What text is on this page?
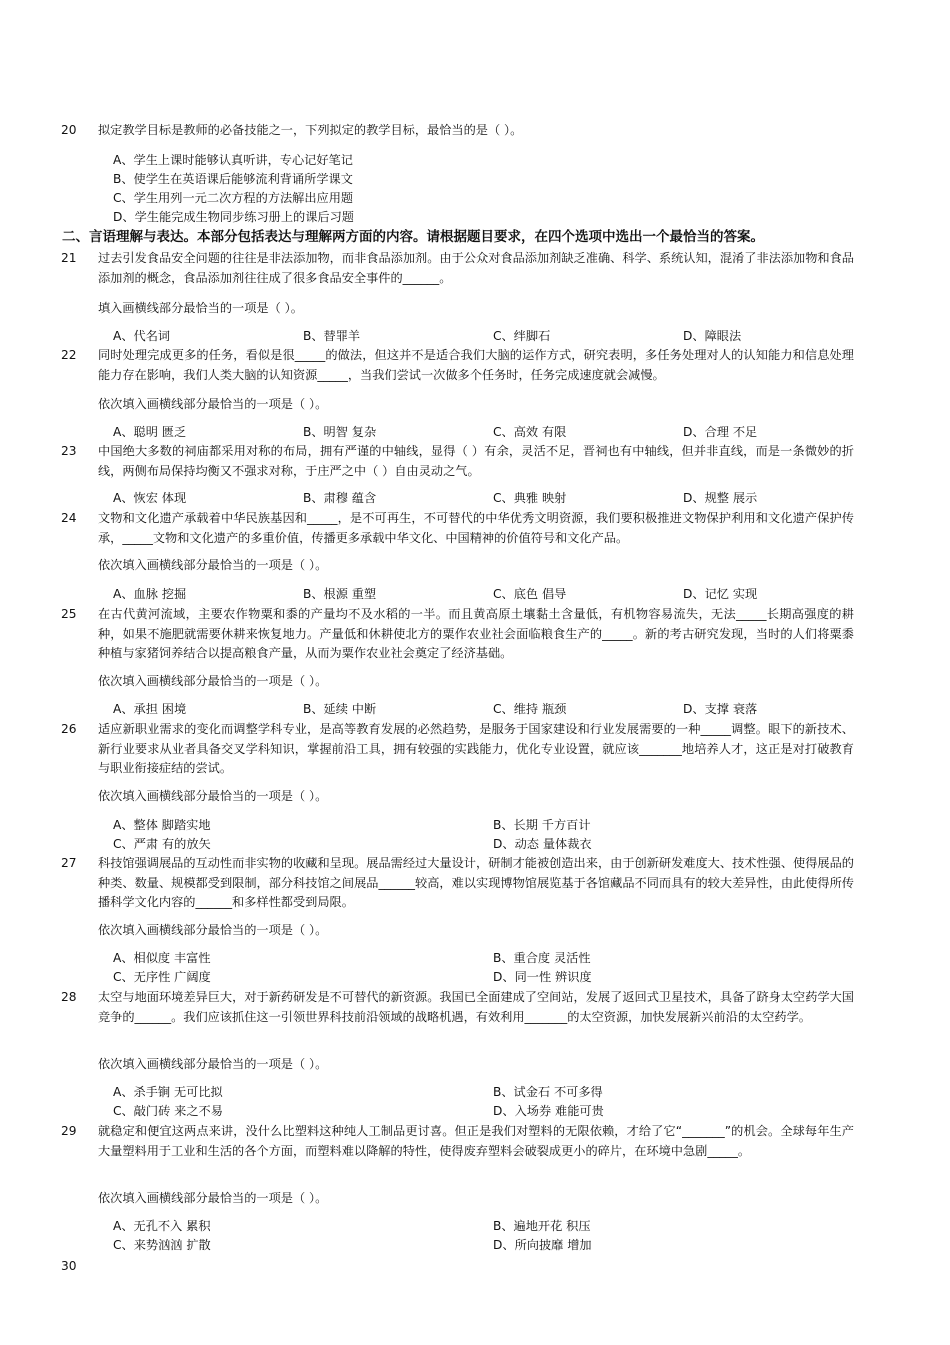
20 拟定教学目标是教师的必备技能之一，下列拟定的教学目标，最恰当的是（ ）。
A、学生上课时能够认真听讲，专心记好笔记
B、使学生在英语课后能够流利背诵所学课文
C、学生用列一元二次方程的方法解出应用题
D、学生能完成生物同步练习册上的课后习题
二、言语理解与表达。本部分包括表达与理解两方面的内容。请根据题目要求，在四个选项中选出一个最恰当的答案。
21 过去引发食品安全问题的往往是非法添加物，而非食品添加剂。由于公众对食品添加剂缺乏准确、科学、系统认知，混淆了非法添加物和食品添加剂的概念，食品添加剂往往成了很多食品安全事件的______。
填入画横线部分最恰当的一项是（ ）。
A、代名词	B、替罪羊	C、绊脚石	D、障眼法
22 同时处理完成更多的任务，看似是很_____的做法，但这并不是适合我们大脑的运作方式，研究表明，多任务处理对人的认知能力和信息处理能力存在影响，我们人类大脑的认知资源_____，当我们尝试一次做多个任务时，任务完成速度就会减慢。
依次填入画横线部分最恰当的一项是（ ）。
A、聪明 匮乏	B、明智 复杂	C、高效 有限	D、合理 不足
23 中国绝大多数的祠庙都采用对称的布局，拥有严谨的中轴线，显得（ ）有余，灵活不足，晋祠也有中轴线，但并非直线，而是一条微妙的折线，两侧布局保持均衡又不强求对称，于庄严之中（ ）自由灵动之气。
A、恢宏 体现	B、肃穆 蕴含	C、典雅 映射	D、规整 展示
24 文物和文化遗产承载着中华民族基因和_____，是不可再生，不可替代的中华优秀文明资源，我们要积极推进文物保护利用和文化遗产保护传承，_____文物和文化遗产的多重价值，传播更多承载中华文化、中国精神的价值符号和文化产品。
依次填入画横线部分最恰当的一项是（ ）。
A、血脉 挖掘	B、根源 重塑	C、底色 倡导	D、记忆 实现
25 在古代黄河流域，主要农作物粟和黍的产量均不及水稻的一半。而且黄高原土壤黏土含量低，有机物容易流失，无法_____长期高强度的耕种，如果不施肥就需要休耕来恢复地力。产量低和休耕使北方的粟作农业社会面临粮食生产的_____。新的考古研究发现，当时的人们将粟黍种植与家猪饲养结合以提高粮食产量，从而为粟作农业社会奠定了经济基础。
依次填入画横线部分最恰当的一项是（ ）。
A、承担 困境	B、延续 中断	C、维持 瓶颈	D、支撑 衰落
26 适应新职业需求的变化而调整学科专业，是高等教育发展的必然趋势，是服务于国家建设和行业发展需要的一种_____调整。眼下的新技术、新行业要求从业者具备交叉学科知识，掌握前沿工具，拥有较强的实践能力，优化专业设置，就应该_______地培养人才，这正是对打破教育与职业衔接症结的尝试。
依次填入画横线部分最恰当的一项是（ ）。
A、整体 脚踏实地	B、长期 千方百计
C、严肃 有的放矢	D、动态 量体裁衣
27 科技馆强调展品的互动性而非实物的收藏和呈现。展品需经过大量设计，研制才能被创造出来，由于创新研发难度大、技术性强、使得展品的种类、数量、规模都受到限制，部分科技馆之间展品______较高，难以实现博物馆展览基于各馆藏品不同而具有的较大差异性，由此使得所传播科学文化内容的______和多样性都受到局限。
依次填入画横线部分最恰当的一项是（ ）。
A、相似度 丰富性	B、重合度 灵活性
C、无序性 广阔度	D、同一性 辨识度
28 太空与地面环境差异巨大，对于新药研发是不可替代的新资源。我国已全面建成了空间站，发展了返回式卫星技术，具备了跻身太空药学大国竞争的______。我们应该抓住这一引领世界科技前沿领域的战略机遇，有效利用_______的太空资源，加快发展新兴前沿的太空药学。
依次填入画横线部分最恰当的一项是（ ）。
A、杀手锏 无可比拟	B、试金石 不可多得
C、敲门砖 来之不易	D、入场券 难能可贵
29 就稳定和便宜这两点来讲，没什么比塑料这种纯人工制品更讨喜。但正是我们对塑料的无限依赖，才给了它“_______”的机会。全球每年生产大量塑料用于工业和生活的各个方面，而塑料难以降解的特性，使得废弃塑料会破裂成更小的碎片，在环境中急剧_____。
依次填入画横线部分最恰当的一项是（ ）。
A、无孔不入 累积	B、遍地开花 积压
C、来势汹汹 扩散	D、所向披靡 增加
30
